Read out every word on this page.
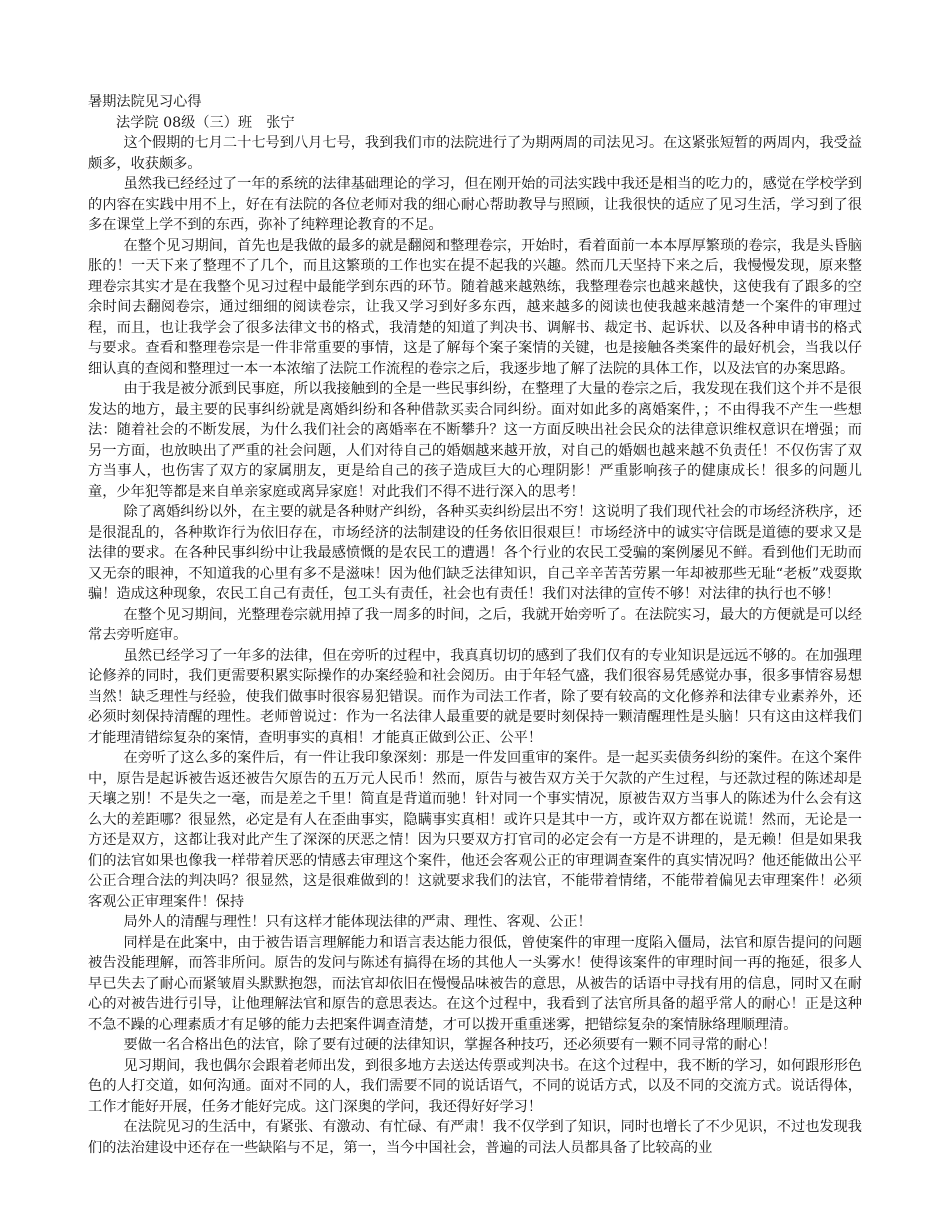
暑期法院见习心得

法学院 08级（三）班　张宁

这个假期的七月二十七号到八月七号，我到我们市的法院进行了为期两周的司法见习。在这紧张短暂的两周内，我受益颇多，收获颇多。

虽然我已经经过了一年的系统的法律基础理论的学习，但在刚开始的司法实践中我还是相当的吃力的，感觉在学校学到的内容在实践中用不上，好在有法院的各位老师对我的细心耐心帮助教导与照顾，让我很快的适应了见习生活，学习到了很多在课堂上学不到的东西，弥补了纯粹理论教育的不足。

在整个见习期间，首先也是我做的最多的就是翻阅和整理卷宗，开始时，看着面前一本本厚厚繁琐的卷宗，我是头昏脑胀的！一天下来了整理不了几个，而且这繁琐的工作也实在提不起我的兴趣。然而几天坚持下来之后，我慢慢发现，原来整理卷宗其实才是在我整个见习过程中最能学到东西的环节。随着越来越熟练，我整理卷宗也越来越快，这使我有了跟多的空余时间去翻阅卷宗，通过细细的阅读卷宗，让我又学习到好多东西，越来越多的阅读也使我越来越清楚一个案件的审理过程，而且，也让我学会了很多法律文书的格式，我清楚的知道了判决书、调解书、裁定书、起诉状、以及各种申请书的格式与要求。查看和整理卷宗是一件非常重要的事情，这是了解每个案子案情的关键，也是接触各类案件的最好机会，当我以仔细认真的查阅和整理过一本一本浓缩了法院工作流程的卷宗之后，我逐步地了解了法院的具体工作，以及法官的办案思路。

由于我是被分派到民事庭，所以我接触到的全是一些民事纠纷，在整理了大量的卷宗之后，我发现在我们这个并不是很发达的地方，最主要的民事纠纷就是离婚纠纷和各种借款买卖合同纠纷。面对如此多的离婚案件，；不由得我不产生一些想法：随着社会的不断发展，为什么我们社会的离婚率在不断攀升？这一方面反映出社会民众的法律意识维权意识在增强；而另一方面，也放映出了严重的社会问题，人们对待自己的婚姻越来越开放，对自己的婚姻也越来越不负责任！不仅伤害了双方当事人，也伤害了双方的家属朋友，更是给自己的孩子造成巨大的心理阴影！严重影响孩子的健康成长！很多的问题儿童，少年犯等都是来自单亲家庭或离异家庭！对此我们不得不进行深入的思考！

除了离婚纠纷以外，在主要的就是各种财产纠纷，各种买卖纠纷层出不穷！这说明了我们现代社会的市场经济秩序，还是很混乱的，各种欺诈行为依旧存在，市场经济的法制建设的任务依旧很艰巨！市场经济中的诚实守信既是道德的要求又是法律的要求。在各种民事纠纷中让我最感愤慨的是农民工的遭遇！各个行业的农民工受骗的案例屡见不鲜。看到他们无助而又无奈的眼神，不知道我的心里有多不是滋味！因为他们缺乏法律知识，自己辛辛苦苦劳累一年却被那些无耻“老板”戏耍欺骗！造成这种现象，农民工自己有责任，包工头有责任，社会也有责任！我们对法律的宣传不够！对法律的执行也不够！

在整个见习期间，光整理卷宗就用掉了我一周多的时间，之后，我就开始旁听了。在法院实习，最大的方便就是可以经常去旁听庭审。

虽然已经学习了一年多的法律，但在旁听的过程中，我真真切切的感到了我们仅有的专业知识是远远不够的。在加强理论修养的同时，我们更需要积累实际操作的办案经验和社会阅历。由于年轻气盛，我们很容易凭感觉办事，很多事情容易想当然！缺乏理性与经验，使我们做事时很容易犯错误。而作为司法工作者，除了要有较高的文化修养和法律专业素养外，还必须时刻保持清醒的理性。老师曾说过：作为一名法律人最重要的就是要时刻保持一颗清醒理性是头脑！只有这由这样我们才能理清错综复杂的案情，查明事实的真相！才能真正做到公正、公平！

在旁听了这么多的案件后，有一件让我印象深刻：那是一件发回重审的案件。是一起买卖债务纠纷的案件。在这个案件中，原告是起诉被告返还被告欠原告的五万元人民币！然而，原告与被告双方关于欠款的产生过程，与还款过程的陈述却是天壤之别！不是失之一毫，而是差之千里！简直是背道而驰！针对同一个事实情况，原被告双方当事人的陈述为什么会有这么大的差距哪？很显然，必定是有人在歪曲事实，隐瞒事实真相！或许只是其中一方，或许双方都在说谎！然而，无论是一方还是双方，这都让我对此产生了深深的厌恶之情！因为只要双方打官司的必定会有一方是不讲理的，是无赖！但是如果我们的法官如果也像我一样带着厌恶的情感去审理这个案件，他还会客观公正的审理调查案件的真实情况吗？他还能做出公平公正合理合法的判决吗？很显然，这是很难做到的！这就要求我们的法官，不能带着情绪，不能带着偏见去审理案件！必须客观公正审理案件！保持

局外人的清醒与理性！只有这样才能体现法律的严肃、理性、客观、公正！

同样是在此案中，由于被告语言理解能力和语言表达能力很低，曾使案件的审理一度陷入僵局，法官和原告提问的问题被告没能理解，而答非所问。原告的发问与陈述有搞得在场的其他人一头雾水！使得该案件的审理时间一再的拖延，很多人早已失去了耐心而紧皱眉头默默抱怨，而法官却依旧在慢慢品味被告的意思，从被告的话语中寻找有用的信息，同时又在耐心的对被告进行引导，让他理解法官和原告的意思表达。在这个过程中，我看到了法官所具备的超乎常人的耐心！正是这种不急不躁的心理素质才有足够的能力去把案件调查清楚，才可以拨开重重迷雾，把错综复杂的案情脉络理顺理清。

要做一名合格出色的法官，除了要有过硬的法律知识，掌握各种技巧，还必须要有一颗不同寻常的耐心！

见习期间，我也偶尔会跟着老师出发，到很多地方去送达传票或判决书。在这个过程中，我不断的学习，如何跟形形色色的人打交道，如何沟通。面对不同的人，我们需要不同的说话语气，不同的说话方式，以及不同的交流方式。说话得体，工作才能好开展，任务才能好完成。这门深奥的学问，我还得好好学习！

在法院见习的生活中，有紧张、有激动、有忙碌、有严肃！我不仅学到了知识，同时也增长了不少见识，不过也发现我们的法治建设中还存在一些缺陷与不足，第一，当今中国社会，普遍的司法人员都具备了比较高的业
